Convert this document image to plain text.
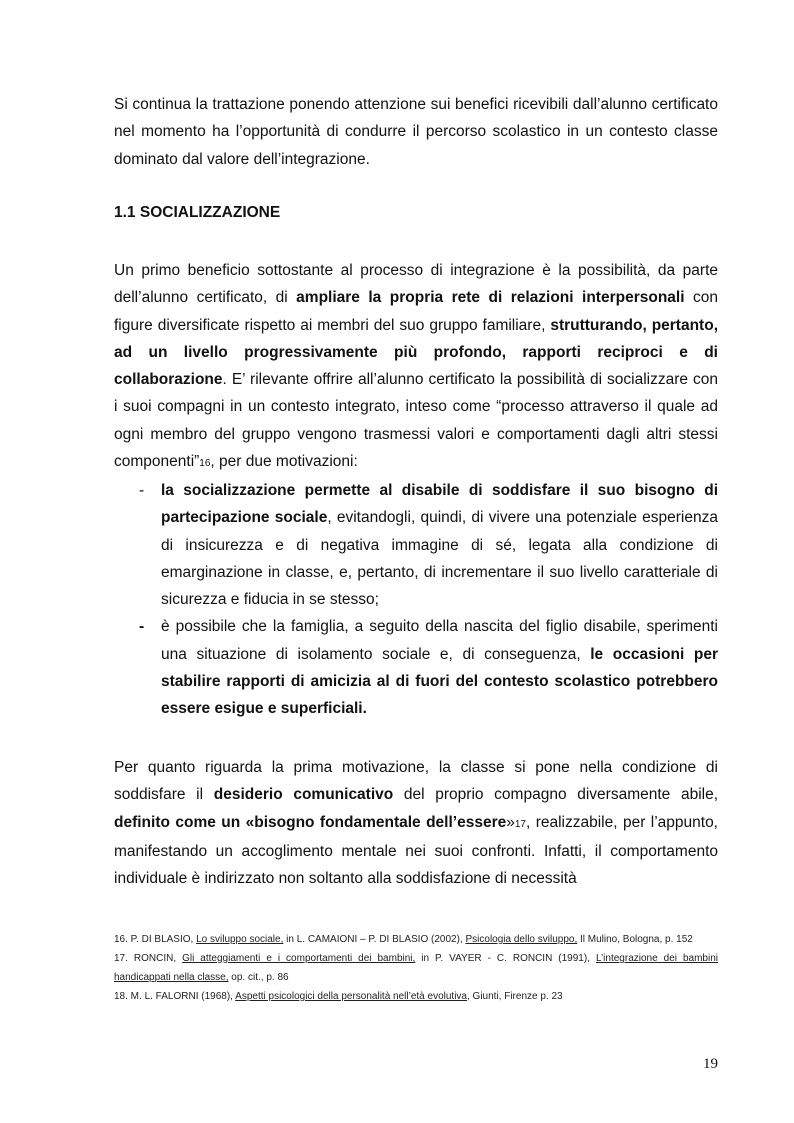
Si continua la trattazione ponendo attenzione sui benefici ricevibili dall’alunno certificato nel momento ha l’opportunità di condurre il percorso scolastico in un contesto classe dominato dal valore dell’integrazione.

1.1 SOCIALIZZAZIONE

Un primo beneficio sottostante al processo di integrazione è la possibilità, da parte dell’alunno certificato, di ampliare la propria rete di relazioni interpersonali con figure diversificate rispetto ai membri del suo gruppo familiare, strutturando, pertanto, ad un livello progressivamente più profondo, rapporti reciproci e di collaborazione. E’ rilevante offrire all’alunno certificato la possibilità di socializzare con i suoi compagni in un contesto integrato, inteso come “processo attraverso il quale ad ogni membro del gruppo vengono trasmessi valori e comportamenti dagli altri stessi componenti”16, per due motivazioni:

- la socializzazione permette al disabile di soddisfare il suo bisogno di partecipazione sociale, evitandogli, quindi, di vivere una potenziale esperienza di insicurezza e di negativa immagine di sé, legata alla condizione di emarginazione in classe, e, pertanto, di incrementare il suo livello caratteriale di sicurezza e fiducia in se stesso;
- è possibile che la famiglia, a seguito della nascita del figlio disabile, sperimenti una situazione di isolamento sociale e, di conseguenza, le occasioni per stabilire rapporti di amicizia al di fuori del contesto scolastico potrebbero essere esigue e superficiali.

Per quanto riguarda la prima motivazione, la classe si pone nella condizione di soddisfare il desiderio comunicativo del proprio compagno diversamente abile, definito come un «bisogno fondamentale dell’essere»17, realizzabile, per l’appunto, manifestando un accoglimento mentale nei suoi confronti. Infatti, il comportamento individuale è indirizzato non soltanto alla soddisfazione di necessità

16. P. DI BLASIO, Lo sviluppo sociale, in L. CAMAIONI – P. DI BLASIO (2002), Psicologia dello sviluppo, Il Mulino, Bologna, p. 152

17. RONCIN, Gli atteggiamenti e i comportamenti dei bambini, in P. VAYER - C. RONCIN (1991), L’integrazione dei bambini handicappati nella classe, op. cit., p. 86

18. M. L. FALORNI (1968), Aspetti psicologici della personalità nell’età evolutiva, Giunti, Firenze p. 23

19
